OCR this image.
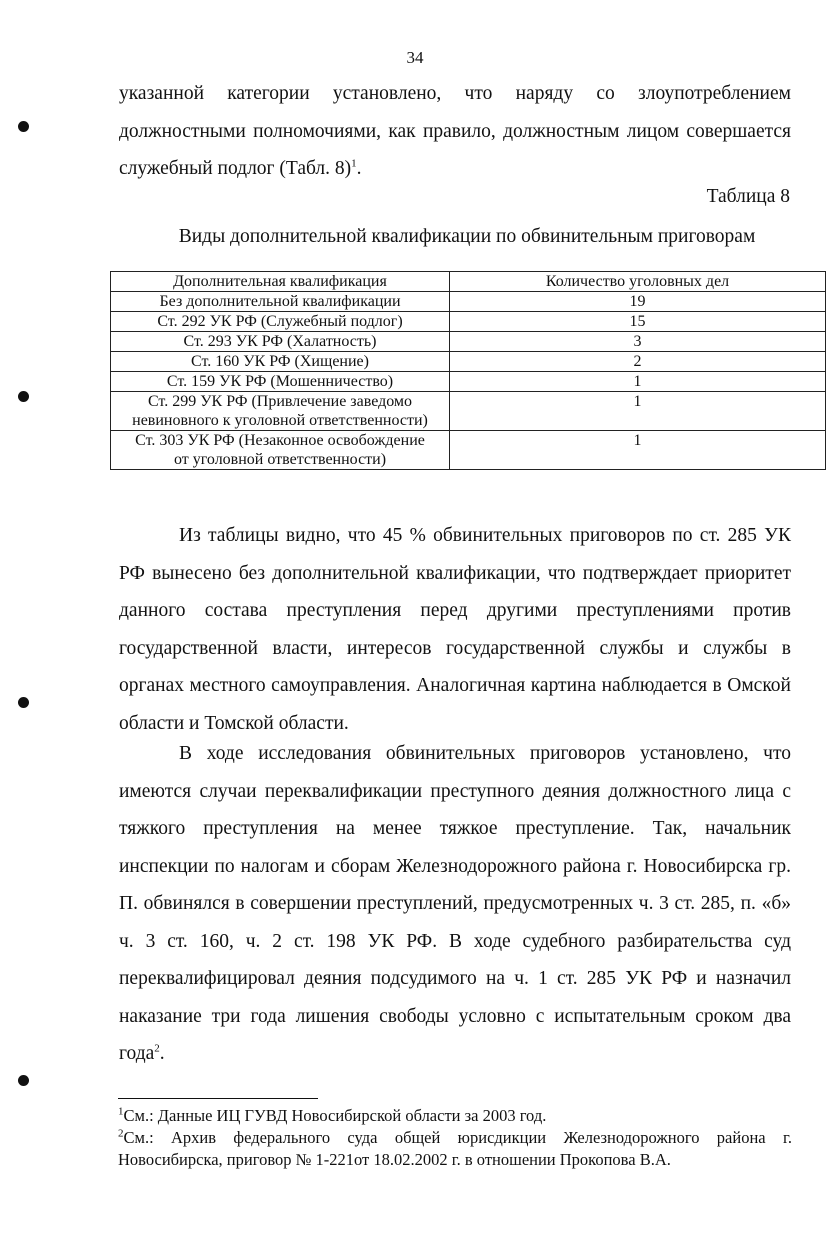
34

указанной категории установлено, что наряду со злоупотреблением должностными полномочиями, как правило, должностным лицом совершается служебный подлог (Табл. 8)$^1$.

Таблица 8
Виды дополнительной квалификации по обвинительным приговорам
Дополнительная квалификация	Количество уголовных дел
Без дополнительной квалификации	19
Ст. 292 УК РФ (Служебный подлог)	15
Ст. 293 УК РФ (Халатность)	3
Ст. 160 УК РФ (Хищение)	2
Ст. 159 УК РФ (Мошенничество)	1
Ст. 299 УК РФ (Привлечение заведомо
невиновного к уголовной ответственности)	1
Ст. 303 УК РФ (Незаконное освобождение
от уголовной ответственности)	1

Из таблицы видно, что 45 % обвинительных приговоров по ст. 285 УК РФ вынесено без дополнительной квалификации, что подтверждает приоритет данного состава преступления перед другими преступлениями против государственной власти, интересов государственной службы и службы в органах местного самоуправления. Аналогичная картина наблюдается в Омской области и Томской области.

В ходе исследования обвинительных приговоров установлено, что имеются случаи переквалификации преступного деяния должностного лица с тяжкого преступления на менее тяжкое преступление. Так, начальник инспекции по налогам и сборам Железнодорожного района г. Новосибирска гр. П. обвинялся в совершении преступлений, предусмотренных ч. 3 ст. 285, п. «б» ч. 3 ст. 160, ч. 2 ст. 198 УК РФ. В ходе судебного разбирательства суд переквалифицировал деяния подсудимого на ч. 1 ст. 285 УК РФ и назначил наказание три года лишения свободы условно с испытательным сроком два года$^2$.

$^1$См.: Данные ИЦ ГУВД Новосибирской области за 2003 год.

$^2$См.: Архив федерального суда общей юрисдикции Железнодорожного района г. Новосибирска, приговор № 1-221от 18.02.2002 г. в отношении Прокопова В.А.
